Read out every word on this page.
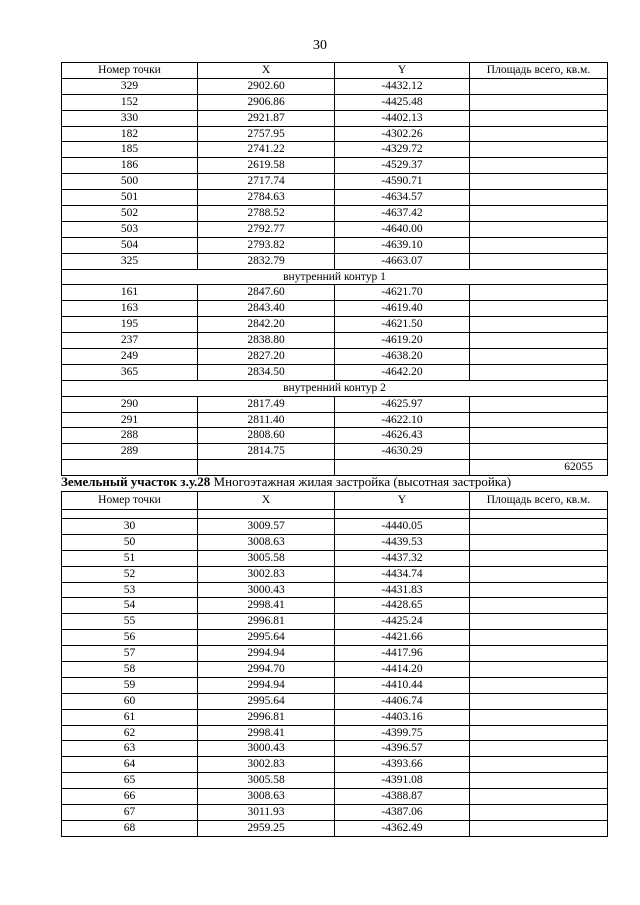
30
Номер точки	X	Y	Площадь всего, кв.м.
329	2902.60	-4432.12	
152	2906.86	-4425.48	
330	2921.87	-4402.13	
182	2757.95	-4302.26	
185	2741.22	-4329.72	
186	2619.58	-4529.37	
500	2717.74	-4590.71	
501	2784.63	-4634.57	
502	2788.52	-4637.42	
503	2792.77	-4640.00	
504	2793.82	-4639.10	
325	2832.79	-4663.07	
внутренний контур 1			
161	2847.60	-4621.70	
163	2843.40	-4619.40	
195	2842.20	-4621.50	
237	2838.80	-4619.20	
249	2827.20	-4638.20	
365	2834.50	-4642.20	
внутренний контур 2			
290	2817.49	-4625.97	
291	2811.40	-4622.10	
288	2808.60	-4626.43	
289	2814.75	-4630.29	
			62055
Земельный участок з.у.28 Многоэтажная жилая застройка (высотная застройка)
Номер точки	X	Y	Площадь всего, кв.м.

30	3009.57	-4440.05	
50	3008.63	-4439.53	
51	3005.58	-4437.32	
52	3002.83	-4434.74	
53	3000.43	-4431.83	
54	2998.41	-4428.65	
55	2996.81	-4425.24	
56	2995.64	-4421.66	
57	2994.94	-4417.96	
58	2994.70	-4414.20	
59	2994.94	-4410.44	
60	2995.64	-4406.74	
61	2996.81	-4403.16	
62	2998.41	-4399.75	
63	3000.43	-4396.57	
64	3002.83	-4393.66	
65	3005.58	-4391.08	
66	3008.63	-4388.87	
67	3011.93	-4387.06	
68	2959.25	-4362.49	
